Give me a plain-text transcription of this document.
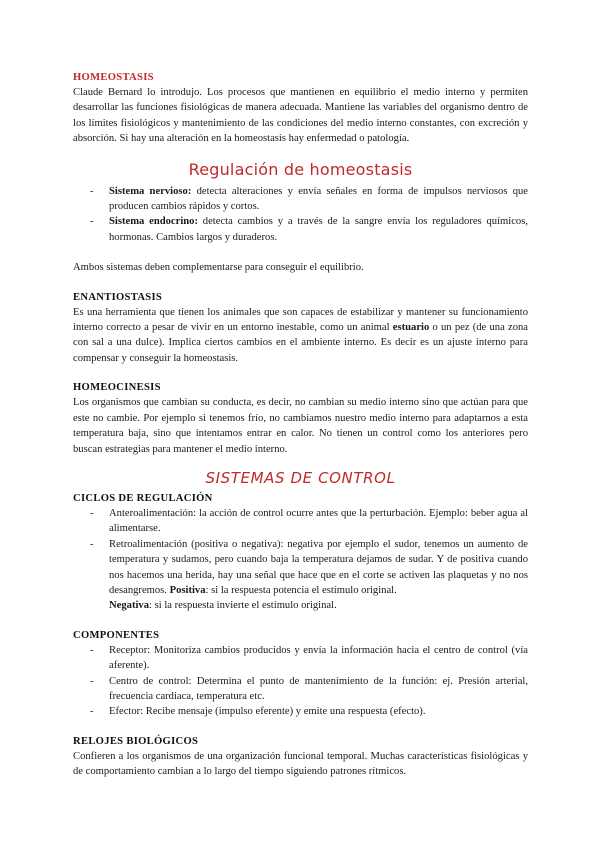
HOMEOSTASIS

Claude Bernard lo introdujo. Los procesos que mantienen en equilibrio el medio interno y permiten desarrollar las funciones fisiológicas de manera adecuada. Mantiene las variables del organismo dentro de los límites fisiológicos y mantenimiento de las condiciones del medio interno constantes, con excreción y absorción. Si hay una alteración en la homeostasis hay enfermedad o patología.

Regulación de homeostasis
- Sistema nervioso: detecta alteraciones y envía señales en forma de impulsos nerviosos que producen cambios rápidos y cortos.
- Sistema endocrino: detecta cambios y a través de la sangre envía los reguladores químicos, hormonas. Cambios largos y duraderos.

Ambos sistemas deben complementarse para conseguir el equilibrio.

ENANTIOSTASIS

Es una herramienta que tienen los animales que son capaces de estabilizar y mantener su funcionamiento interno correcto a pesar de vivir en un entorno inestable, como un animal estuario o un pez (de una zona con sal a una dulce). Implica ciertos cambios en el ambiente interno. Es decir es un ajuste interno para compensar y conseguir la homeostasis.

HOMEOCINESIS

Los organismos que cambian su conducta, es decir, no cambian su medio interno sino que actúan para que este no cambie. Por ejemplo si tenemos frío, no cambiamos nuestro medio interno para adaptarnos a esta temperatura baja, sino que intentamos entrar en calor. No tienen un control como los anteriores pero buscan estrategias para mantener el medio interno.

SISTEMAS DE CONTROL
CICLOS DE REGULACIÓN
- Anteroalimentación: la acción de control ocurre antes que la perturbación. Ejemplo: beber agua al alimentarse.
- Retroalimentación (positiva o negativa): negativa por ejemplo el sudor, tenemos un aumento de temperatura y sudamos, pero cuando baja la temperatura dejamos de sudar. Y de positiva cuando nos hacemos una herida, hay una señal que hace que en el corte se activen las plaquetas y no nos desangremos. Positiva: si la respuesta potencia el estímulo original.
Negativa: si la respuesta invierte el estímulo original.
COMPONENTES
- Receptor: Monitoriza cambios producidos y envía la información hacia el centro de control (vía aferente).
- Centro de control: Determina el punto de mantenimiento de la función: ej. Presión arterial, frecuencia cardiaca, temperatura etc.
- Efector: Recibe mensaje (impulso eferente) y emite una respuesta (efecto).
RELOJES BIOLÓGICOS

Confieren a los organismos de una organización funcional temporal. Muchas características fisiológicas y de comportamiento cambian a lo largo del tiempo siguiendo patrones rítmicos.
